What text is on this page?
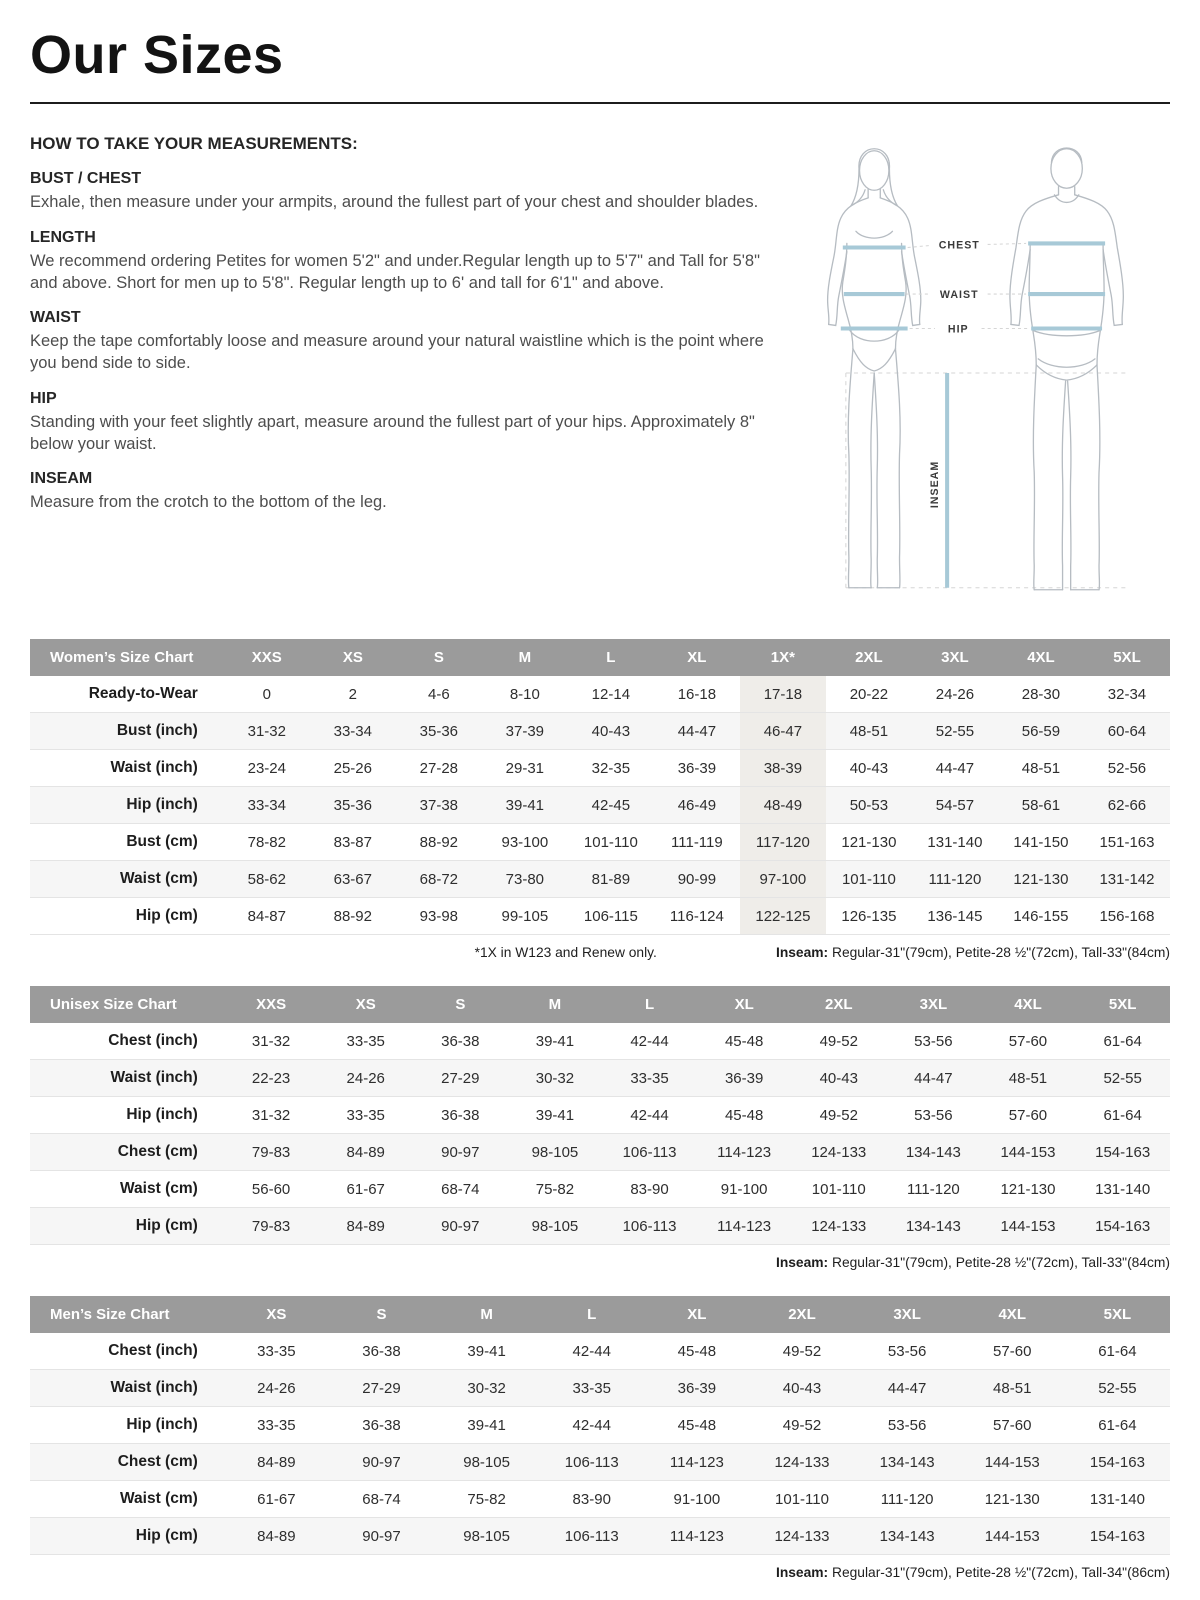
Our Sizes
HOW TO TAKE YOUR MEASUREMENTS:

BUST / CHEST

Exhale, then measure under your armpits, around the fullest part of your chest and shoulder blades.

LENGTH

We recommend ordering Petites for women 5'2" and under.Regular length up to 5'7" and Tall for 5'8" and above. Short for men up to 5'8". Regular length up to 6' and tall for 6'1" and above.

WAIST

Keep the tape comfortably loose and measure around your natural waistline which is the point where you bend side to side.

HIP

Standing with your feet slightly apart, measure around the fullest part of your hips. Approximately 8" below your waist.

INSEAM

Measure from the crotch to the bottom of the leg.

CHEST
WAIST
HIP
INSEAM
Women’s Size Chart	XXS	XS	S	M	L	XL	1X*	2XL	3XL	4XL	5XL
Ready-to-Wear	0	2	4-6	8-10	12-14	16-18	17-18	20-22	24-26	28-30	32-34
Bust (inch)	31-32	33-34	35-36	37-39	40-43	44-47	46-47	48-51	52-55	56-59	60-64
Waist (inch)	23-24	25-26	27-28	29-31	32-35	36-39	38-39	40-43	44-47	48-51	52-56
Hip (inch)	33-34	35-36	37-38	39-41	42-45	46-49	48-49	50-53	54-57	58-61	62-66
Bust (cm)	78-82	83-87	88-92	93-100	101-110	111-119	117-120	121-130	131-140	141-150	151-163
Waist (cm)	58-62	63-67	68-72	73-80	81-89	90-99	97-100	101-110	111-120	121-130	131-142
Hip (cm)	84-87	88-92	93-98	99-105	106-115	116-124	122-125	126-135	136-145	146-155	156-168
*1X in W123 and Renew only.	Inseam: Regular-31"(79cm), Petite-28 ½"(72cm), Tall-33"(84cm)
Unisex Size Chart	XXS	XS	S	M	L	XL	2XL	3XL	4XL	5XL
Chest (inch)	31-32	33-35	36-38	39-41	42-44	45-48	49-52	53-56	57-60	61-64
Waist (inch)	22-23	24-26	27-29	30-32	33-35	36-39	40-43	44-47	48-51	52-55
Hip (inch)	31-32	33-35	36-38	39-41	42-44	45-48	49-52	53-56	57-60	61-64
Chest (cm)	79-83	84-89	90-97	98-105	106-113	114-123	124-133	134-143	144-153	154-163
Waist (cm)	56-60	61-67	68-74	75-82	83-90	91-100	101-110	111-120	121-130	131-140
Hip (cm)	79-83	84-89	90-97	98-105	106-113	114-123	124-133	134-143	144-153	154-163
Inseam: Regular-31"(79cm), Petite-28 ½"(72cm), Tall-33"(84cm)
Men’s Size Chart	XS	S	M	L	XL	2XL	3XL	4XL	5XL
Chest (inch)	33-35	36-38	39-41	42-44	45-48	49-52	53-56	57-60	61-64
Waist (inch)	24-26	27-29	30-32	33-35	36-39	40-43	44-47	48-51	52-55
Hip (inch)	33-35	36-38	39-41	42-44	45-48	49-52	53-56	57-60	61-64
Chest (cm)	84-89	90-97	98-105	106-113	114-123	124-133	134-143	144-153	154-163
Waist (cm)	61-67	68-74	75-82	83-90	91-100	101-110	111-120	121-130	131-140
Hip (cm)	84-89	90-97	98-105	106-113	114-123	124-133	134-143	144-153	154-163
Inseam: Regular-31"(79cm), Petite-28 ½"(72cm), Tall-34"(86cm)
